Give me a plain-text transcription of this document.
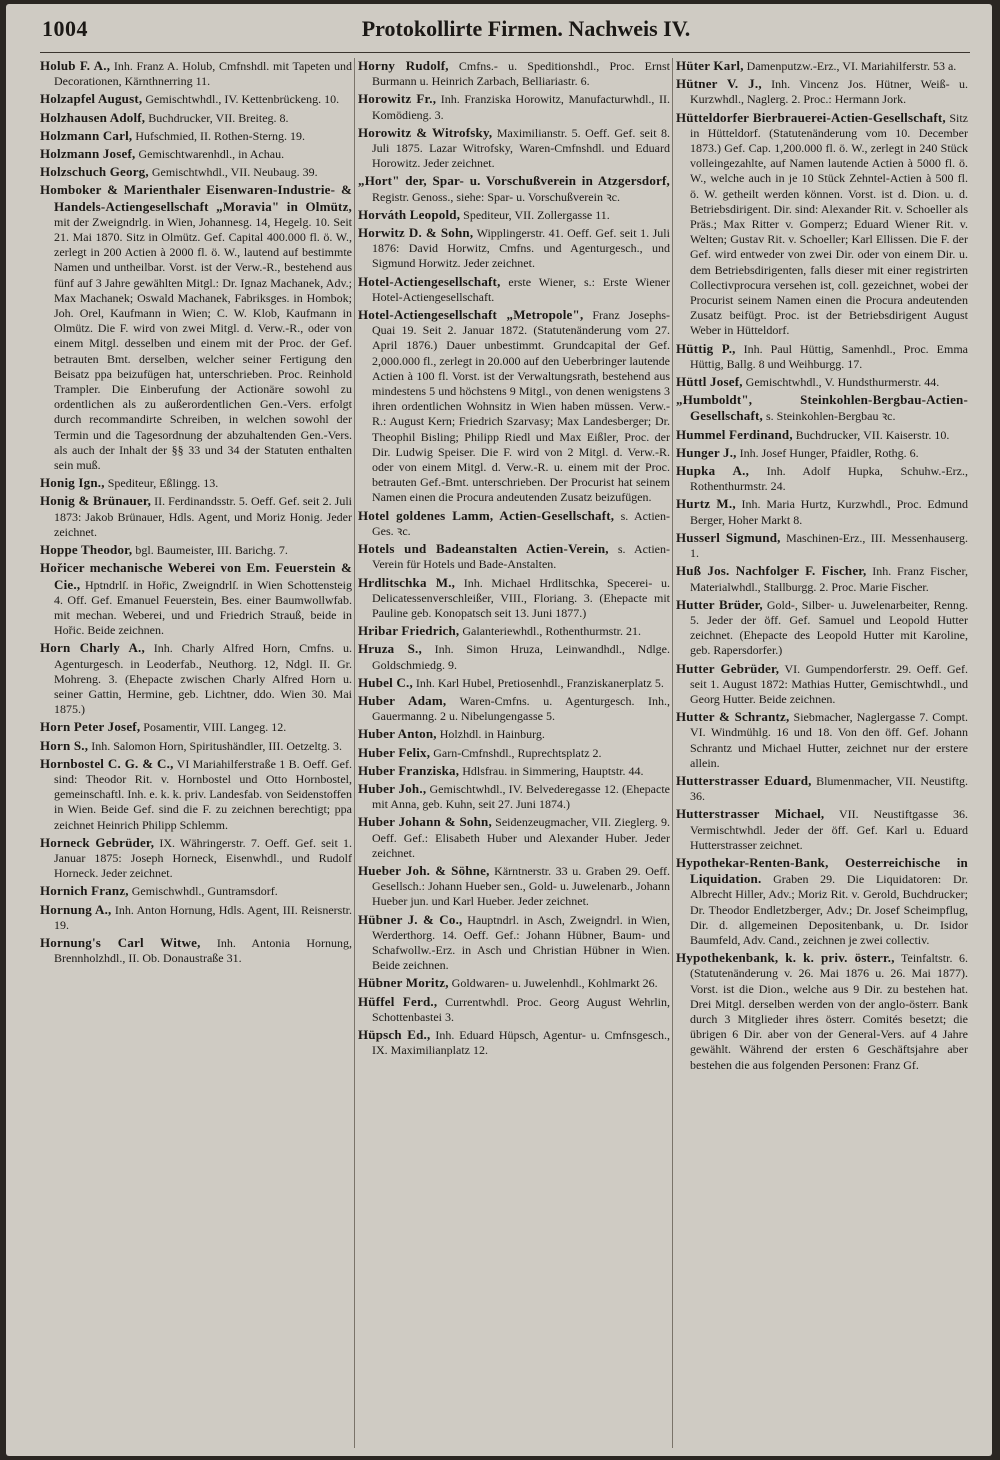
1004	Protokollirte Firmen. Nachweis IV.

Holub F. A., Inh. Franz A. Holub, Cmfnshdl. mit Tapeten und Decorationen, Kärnthnerring 11.

Holzapfel August, Gemischtwhdl., IV. Kettenbrückeng. 10.

Holzhausen Adolf, Buchdrucker, VII. Breiteg. 8.

Holzmann Carl, Hufschmied, II. Rothen-Sterng. 19.

Holzmann Josef, Gemischtwarenhdl., in Achau.

Holzschuch Georg, Gemischtwhdl., VII. Neubaug. 39.

Homboker & Marienthaler Eisenwaren-Industrie- & Handels-Actiengesellschaft „Moravia" in Olmütz, mit der Zweigndrlg. in Wien, Johannesg. 14, Hegelg. 10. Seit 21. Mai 1870. Sitz in Olmütz. Gef. Capital 400.000 fl. ö. W., zerlegt in 200 Actien à 2000 fl. ö. W., lautend auf bestimmte Namen und untheilbar. Vorst. ist der Verw.-R., bestehend aus fünf auf 3 Jahre gewählten Mitgl.: Dr. Ignaz Machanek, Adv.; Max Machanek; Oswald Machanek, Fabriksges. in Hombok; Joh. Orel, Kaufmann in Wien; C. W. Klob, Kaufmann in Olmütz. Die F. wird von zwei Mitgl. d. Verw.-R., oder von einem Mitgl. desselben und einem mit der Proc. der Gef. betrauten Bmt. derselben, welcher seiner Fertigung den Beisatz ppa beizufügen hat, unterschrieben. Proc. Reinhold Trampler. Die Einberufung der Actionäre sowohl zu ordentlichen als zu außerordentlichen Gen.-Vers. erfolgt durch recommandirte Schreiben, in welchen sowohl der Termin und die Tagesordnung der abzuhaltenden Gen.-Vers. als auch der Inhalt der §§ 33 und 34 der Statuten enthalten sein muß.

Honig Ign., Spediteur, Eßlingg. 13.

Honig & Brünauer, II. Ferdinandsstr. 5. Oeff. Gef. seit 2. Juli 1873: Jakob Brünauer, Hdls. Agent, und Moriz Honig. Jeder zeichnet.

Hoppe Theodor, bgl. Baumeister, III. Barichg. 7.

Hořicer mechanische Weberei von Em. Feuerstein & Cie., Hptndrlſ. in Hořic, Zweigndrlſ. in Wien Schottensteig 4. Off. Gef. Emanuel Feuerstein, Bes. einer Baumwollwfab. mit mechan. Weberei, und und Friedrich Strauß, beide in Hořic. Beide zeichnen.

Horn Charly A., Inh. Charly Alfred Horn, Cmfns. u. Agenturgesch. in Leoderfab., Neuthorg. 12, Ndgl. II. Gr. Mohreng. 3. (Ehepacte zwischen Charly Alfred Horn u. seiner Gattin, Hermine, geb. Lichtner, ddo. Wien 30. Mai 1875.)

Horn Peter Josef, Posamentir, VIII. Langeg. 12.

Horn S., Inh. Salomon Horn, Spiritushändler, III. Oetzeltg. 3.

Hornbostel C. G. & C., VI Mariahilferstraße 1 B. Oeff. Gef. sind: Theodor Rit. v. Hornbostel und Otto Hornbostel, gemeinschaftl. Inh. e. k. k. priv. Landesfab. von Seidenstoffen in Wien. Beide Gef. sind die F. zu zeichnen berechtigt; ppa zeichnet Heinrich Philipp Schlemm.

Horneck Gebrüder, IX. Währingerstr. 7. Oeff. Gef. seit 1. Januar 1875: Joseph Horneck, Eisenwhdl., und Rudolf Horneck. Jeder zeichnet.

Hornich Franz, Gemischwhdl., Guntramsdorf.

Hornung A., Inh. Anton Hornung, Hdls. Agent, III. Reisnerstr. 19.

Hornung's Carl Witwe, Inh. Antonia Hornung, Brennholzhdl., II. Ob. Donaustraße 31.

Horny Rudolf, Cmfns.- u. Speditionshdl., Proc. Ernst Burmann u. Heinrich Zarbach, Belliariastr. 6.

Horowitz Fr., Inh. Franziska Horowitz, Manufacturwhdl., II. Komödieng. 3.

Horowitz & Witrofsky, Maximilianstr. 5. Oeff. Gef. seit 8. Juli 1875. Lazar Witrofsky, Waren-Cmfnshdl. und Eduard Horowitz. Jeder zeichnet.

„Hort" der, Spar- u. Vorschußverein in Atzgersdorf, Registr. Genoss., siehe: Spar- u. Vorschußverein ꝛc.

Horváth Leopold, Spediteur, VII. Zollergasse 11.

Horwitz D. & Sohn, Wipplingerstr. 41. Oeff. Gef. seit 1. Juli 1876: David Horwitz, Cmfns. und Agenturgesch., und Sigmund Horwitz. Jeder zeichnet.

Hotel-Actiengesellschaft, erste Wiener, s.: Erste Wiener Hotel-Actiengesellschaft.

Hotel-Actiengesellschaft „Metropole", Franz Josephs-Quai 19. Seit 2. Januar 1872. (Statutenänderung vom 27. April 1876.) Dauer unbestimmt. Grundcapital der Gef. 2,000.000 fl., zerlegt in 20.000 auf den Ueberbringer lautende Actien à 100 fl. Vorst. ist der Verwaltungsrath, bestehend aus mindestens 5 und höchstens 9 Mitgl., von denen wenigstens 3 ihren ordentlichen Wohnsitz in Wien haben müssen. Verw.-R.: August Kern; Friedrich Szarvasy; Max Landesberger; Dr. Theophil Bisling; Philipp Riedl und Max Eißler, Proc. der Dir. Ludwig Speiser. Die F. wird von 2 Mitgl. d. Verw.-R. oder von einem Mitgl. d. Verw.-R. u. einem mit der Proc. betrauten Gef.-Bmt. unterschrieben. Der Procurist hat seinem Namen einen die Procura andeutenden Zusatz beizufügen.

Hotel goldenes Lamm, Actien-Gesellschaft, s. Actien-Ges. ꝛc.

Hotels und Badeanstalten Actien-Verein, s. Actien-Verein für Hotels und Bade-Anstalten.

Hrdlitschka M., Inh. Michael Hrdlitschka, Specerei- u. Delicatessenverschleißer, VIII., Floriang. 3. (Ehepacte mit Pauline geb. Konopatsch seit 13. Juni 1877.)

Hribar Friedrich, Galanteriewhdl., Rothenthurmstr. 21.

Hruza S., Inh. Simon Hruza, Leinwandhdl., Ndlge. Goldschmiedg. 9.

Hubel C., Inh. Karl Hubel, Pretiosenhdl., Franziskanerplatz 5.

Huber Adam, Waren-Cmfns. u. Agenturgesch. Inh., Gauermanng. 2 u. Nibelungengasse 5.

Huber Anton, Holzhdl. in Hainburg.

Huber Felix, Garn-Cmfnshdl., Ruprechtsplatz 2.

Huber Franziska, Hdlsfrau. in Simmering, Hauptstr. 44.

Huber Joh., Gemischtwhdl., IV. Belvederegasse 12. (Ehepacte mit Anna, geb. Kuhn, seit 27. Juni 1874.)

Huber Johann & Sohn, Seidenzeugmacher, VII. Zieglerg. 9. Oeff. Gef.: Elisabeth Huber und Alexander Huber. Jeder zeichnet.

Hueber Joh. & Söhne, Kärntnerstr. 33 u. Graben 29. Oeff. Gesellsch.: Johann Hueber sen., Gold- u. Juwelenarb., Johann Hueber jun. und Karl Hueber. Jeder zeichnet.

Hübner J. & Co., Hauptndrl. in Asch, Zweigndrl. in Wien, Werderthorg. 14. Oeff. Gef.: Johann Hübner, Baum- und Schafwollw.-Erz. in Asch und Christian Hübner in Wien. Beide zeichnen.

Hübner Moritz, Goldwaren- u. Juwelenhdl., Kohlmarkt 26.

Hüffel Ferd., Currentwhdl. Proc. Georg August Wehrlin, Schottenbastei 3.

Hüpsch Ed., Inh. Eduard Hüpsch, Agentur- u. Cmfnsgesch., IX. Maximilianplatz 12.

Hüter Karl, Damenputzw.-Erz., VI. Mariahilferstr. 53 a.

Hütner V. J., Inh. Vincenz Jos. Hütner, Weiß- u. Kurzwhdl., Naglerg. 2. Proc.: Hermann Jork.

Hütteldorfer Bierbrauerei-Actien-Gesellschaft, Sitz in Hütteldorf. (Statutenänderung vom 10. December 1873.) Gef. Cap. 1,200.000 fl. ö. W., zerlegt in 240 Stück volleingezahlte, auf Namen lautende Actien à 5000 fl. ö. W., welche auch in je 10 Stück Zehntel-Actien à 500 fl. ö. W. getheilt werden können. Vorst. ist d. Dion. u. d. Betriebsdirigent. Dir. sind: Alexander Rit. v. Schoeller als Präs.; Max Ritter v. Gomperz; Eduard Wiener Rit. v. Welten; Gustav Rit. v. Schoeller; Karl Ellissen. Die F. der Gef. wird entweder von zwei Dir. oder von einem Dir. u. dem Betriebsdirigenten, falls dieser mit einer registrirten Collectivprocura versehen ist, coll. gezeichnet, wobei der Procurist seinem Namen einen die Procura andeutenden Zusatz beifügt. Proc. ist der Betriebsdirigent August Weber in Hütteldorf.

Hüttig P., Inh. Paul Hüttig, Samenhdl., Proc. Emma Hüttig, Ballg. 8 und Weihburgg. 17.

Hüttl Josef, Gemischtwhdl., V. Hundsthurmerstr. 44.

„Humboldt", Steinkohlen-Bergbau-Actien-Gesellschaft, s. Steinkohlen-Bergbau ꝛc.

Hummel Ferdinand, Buchdrucker, VII. Kaiserstr. 10.

Hunger J., Inh. Josef Hunger, Pfaidler, Rothg. 6.

Hupka A., Inh. Adolf Hupka, Schuhw.-Erz., Rothenthurmstr. 24.

Hurtz M., Inh. Maria Hurtz, Kurzwhdl., Proc. Edmund Berger, Hoher Markt 8.

Husserl Sigmund, Maschinen-Erz., III. Messenhauserg. 1.

Huß Jos. Nachfolger F. Fischer, Inh. Franz Fischer, Materialwhdl., Stallburgg. 2. Proc. Marie Fischer.

Hutter Brüder, Gold-, Silber- u. Juwelenarbeiter, Renng. 5. Jeder der öff. Gef. Samuel und Leopold Hutter zeichnet. (Ehepacte des Leopold Hutter mit Karoline, geb. Rapersdorfer.)

Hutter Gebrüder, VI. Gumpendorferstr. 29. Oeff. Gef. seit 1. August 1872: Mathias Hutter, Gemischtwhdl., und Georg Hutter. Beide zeichnen.

Hutter & Schrantz, Siebmacher, Naglergasse 7. Compt. VI. Windmühlg. 16 und 18. Von den öff. Gef. Johann Schrantz und Michael Hutter, zeichnet nur der erstere allein.

Hutterstrasser Eduard, Blumenmacher, VII. Neustiftg. 36.

Hutterstrasser Michael, VII. Neustiftgasse 36. Vermischtwhdl. Jeder der öff. Gef. Karl u. Eduard Hutterstrasser zeichnet.

Hypothekar-Renten-Bank, Oesterreichische in Liquidation. Graben 29. Die Liquidatoren: Dr. Albrecht Hiller, Adv.; Moriz Rit. v. Gerold, Buchdrucker; Dr. Theodor Endletzberger, Adv.; Dr. Josef Scheimpflug, Dir. d. allgemeinen Depositenbank, u. Dr. Isidor Baumfeld, Adv. Cand., zeichnen je zwei collectiv.

Hypothekenbank, k. k. priv. österr., Teinfaltstr. 6. (Statutenänderung v. 26. Mai 1876 u. 26. Mai 1877). Vorst. ist die Dion., welche aus 9 Dir. zu bestehen hat. Drei Mitgl. derselben werden von der anglo-österr. Bank durch 3 Mitglieder ihres österr. Comités besetzt; die übrigen 6 Dir. aber von der General-Vers. auf 4 Jahre gewählt. Während der ersten 6 Geschäftsjahre aber bestehen die aus folgenden Personen: Franz Gf.
